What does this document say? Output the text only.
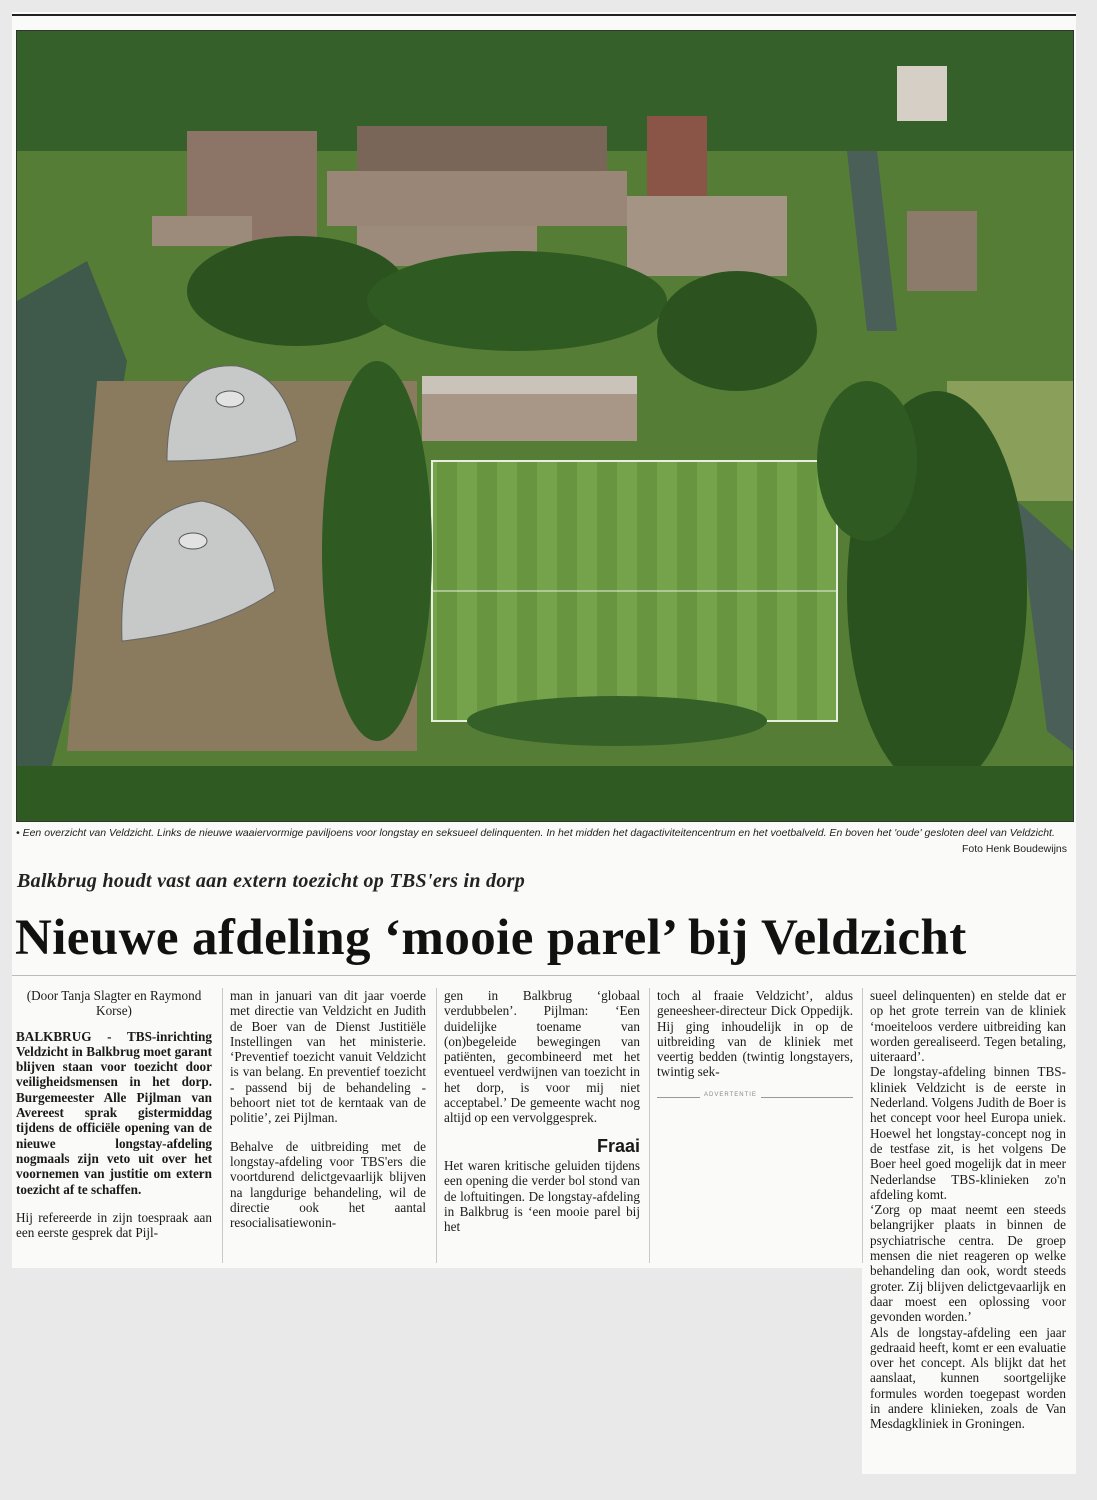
• Een overzicht van Veldzicht. Links de nieuwe waaiervormige paviljoens voor longstay en seksueel delinquenten. In het midden het dagactiviteitencentrum en het voetbalveld. En boven het 'oude' gesloten deel van Veldzicht.
Foto Henk Boudewijns
Balkbrug houdt vast aan extern toezicht op TBS'ers in dorp
Nieuwe afdeling ‘mooie parel’ bij Veldzicht

(Door Tanja Slagter en Raymond Korse)

BALKBRUG - TBS-inrichting Veldzicht in Balkbrug moet garant blijven staan voor toezicht door veiligheidsmensen in het dorp. Burgemeester Alle Pijlman van Avereest sprak gistermiddag tijdens de officiële opening van de nieuwe longstay-afdeling nogmaals zijn veto uit over het voornemen van justitie om extern toezicht af te schaffen.

Hij refereerde in zijn toespraak aan een eerste gesprek dat Pijl-

man in januari van dit jaar voerde met directie van Veldzicht en Judith de Boer van de Dienst Justitiële Instellingen van het ministerie. ‘Preventief toezicht vanuit Veldzicht is van belang. En preventief toezicht - passend bij de behandeling - behoort niet tot de kerntaak van de politie’, zei Pijlman.

Behalve de uitbreiding met de longstay-afdeling voor TBS'ers die voortdurend delictgevaarlijk blijven na langdurige behandeling, wil de directie ook het aantal resocialisatiewonin-

gen in Balkbrug ‘globaal verdubbelen’. Pijlman: ‘Een duidelijke toename van (on)begeleide bewegingen van patiënten, gecombineerd met het eventueel verdwijnen van toezicht in het dorp, is voor mij niet acceptabel.’ De gemeente wacht nog altijd op een vervolggesprek.

Fraai

Het waren kritische geluiden tijdens een opening die verder bol stond van de loftuitingen. De longstay-afdeling in Balkbrug is ‘een mooie parel bij het

toch al fraaie Veldzicht’, aldus geneesheer-directeur Dick Oppedijk. Hij ging inhoudelijk in op de uitbreiding van de kliniek met veertig bedden (twintig longstayers, twintig sek-

ADVERTENTIE

sueel delinquenten) en stelde dat er op het grote terrein van de kliniek ‘moeiteloos verdere uitbreiding kan worden gerealiseerd. Tegen betaling, uiteraard’.

De longstay-afdeling binnen TBS-kliniek Veldzicht is de eerste in Nederland. Volgens Judith de Boer is het concept voor heel Europa uniek. Hoewel het longstay-concept nog in de testfase zit, is het volgens De Boer heel goed mogelijk dat in meer Nederlandse TBS-klinieken zo'n afdeling komt.

‘Zorg op maat neemt een steeds belangrijker plaats in binnen de psychiatrische centra. De groep mensen die niet reageren op welke behandeling dan ook, wordt steeds groter. Zij blijven delictgevaarlijk en daar moest een oplossing voor gevonden worden.’

Als de longstay-afdeling een jaar gedraaid heeft, komt er een evaluatie over het concept. Als blijkt dat het aanslaat, kunnen soortgelijke formules worden toegepast worden in andere klinieken, zoals de Van Mesdagkliniek in Groningen.
